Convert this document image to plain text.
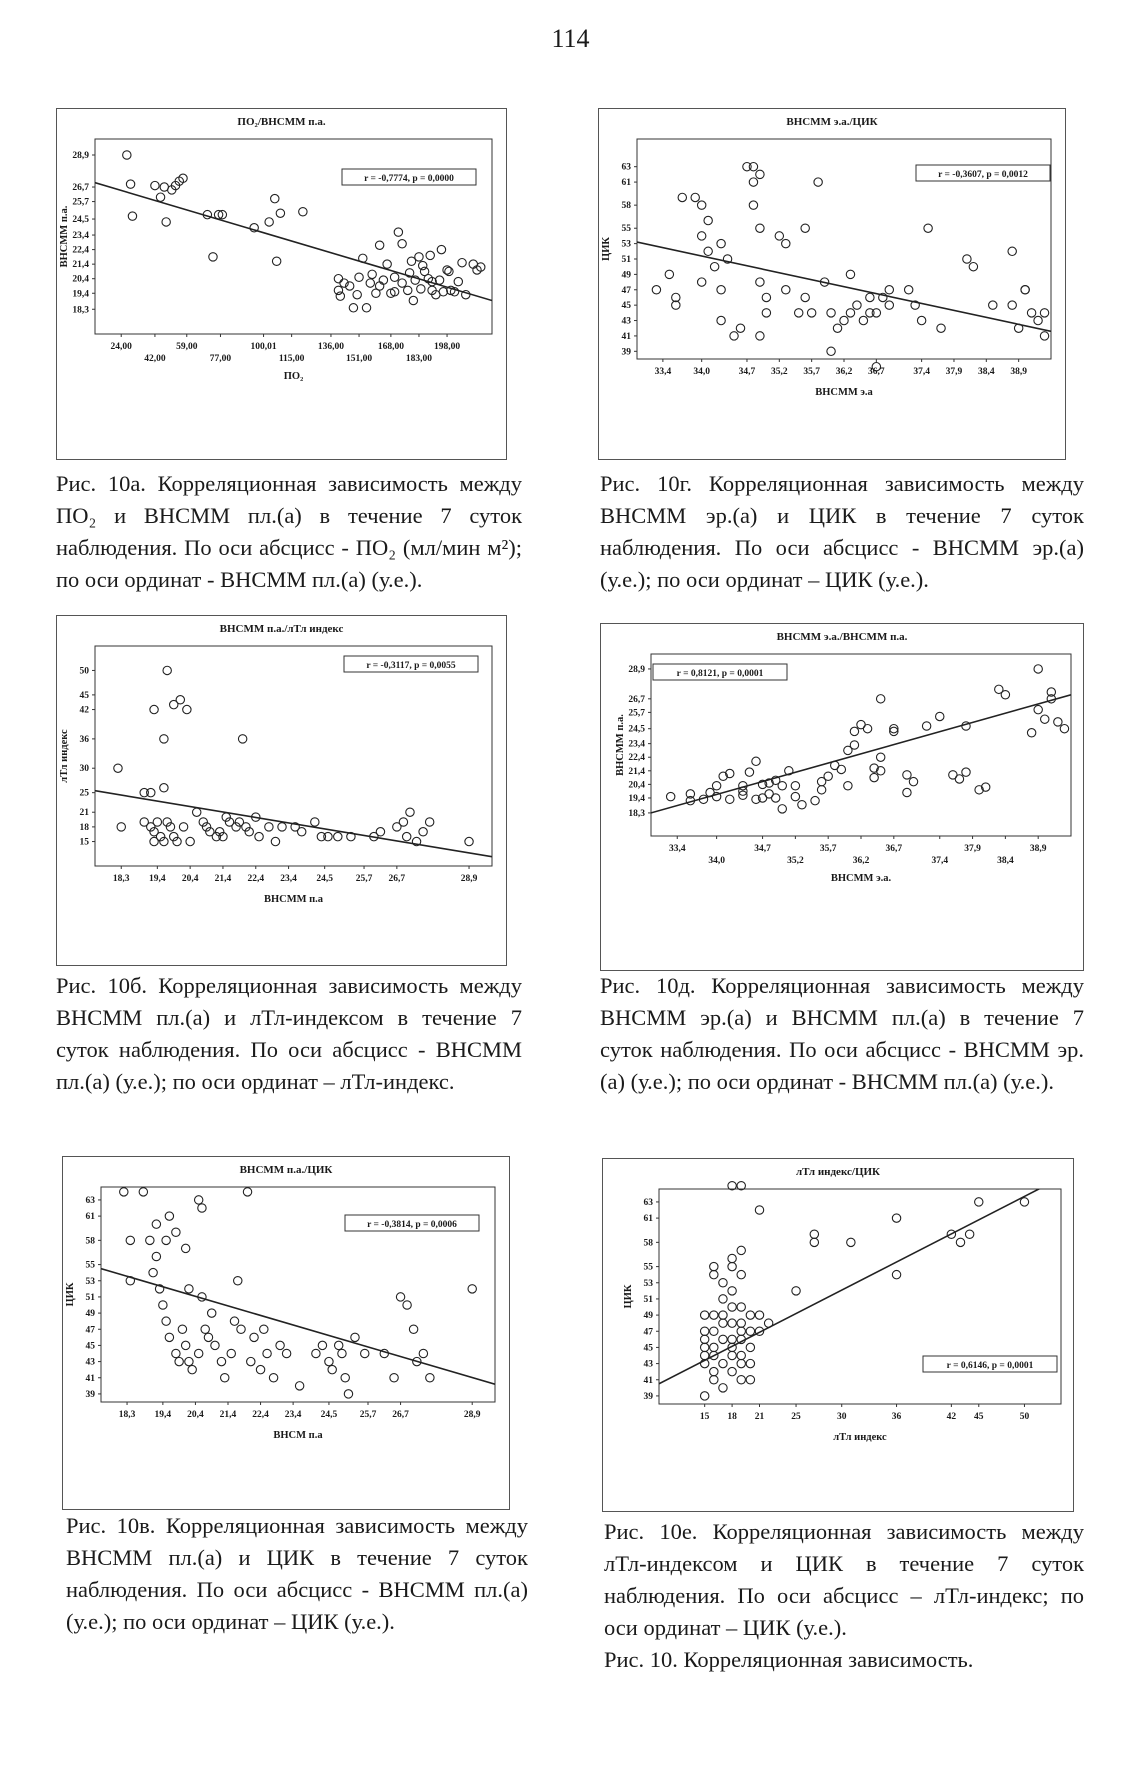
114
ПО₂/ВНСММ п.а.
28,9
26,7
25,7
24,5
23,4
22,4
21,4
20,4
19,4
18,3
ВНСММ п.а.
24,00
42,00
59,00
77,00
100,01
115,00
136,00
151,00
168,00
183,00
198,00
ПО₂
r = -0,7774, p = 0,0000
Рис. 10а. Корреляционная зависимость между ПО₂ и ВНСММ пл.(а) в течение 7 суток наблюдения. По оси абсцисс - ПО₂ (мл/мин м²); по оси ординат - ВНСММ пл.(а) (у.е.).
ВНСММ э.а./ЦИК
63
61
58
55
53
51
49
47
45
43
41
39
ЦИК
33,4 34,0	34,7 35,2 35,7 36,2 36,7	37,4 37,9 38,4 38,9
ВНСММ э.а
r = -0,3607, p = 0,0012
Рис. 10г. Корреляционная зависимость между ВНСММ эр.(а) и ЦИК в течение 7 суток наблюдения. По оси абсцисс - ВНСММ эр.(а) (у.е.); по оси ординат – ЦИК (у.е.).
ВНСММ п.а./лТл индекс
50
45
42
36
30
25
21
18
15
лТл индекс
18,3 19,4 20,4 21,4 22,4 23,4 24,5 25,7 26,7	28,9
ВНСММ п.а
r = -0,3117, p = 0,0055
Рис. 10б. Корреляционная зависимость между ВНСММ пл.(а) и лТл-индексом в течение 7 суток наблюдения. По оси абсцисс - ВНСММ пл.(а) (у.е.); по оси ординат – лТл-индекс.
ВНСММ э.а./ВНСММ п.а.
28,9
26,7
25,7
24,5
23,4
22,4
21,4
20,4
19,4
18,3
ВНСММ п.а.
33,4
34,0
34,7
35,2
35,7
36,2
36,7
37,4
37,9
38,4
38,9
ВНСММ э.а.
r = 0,8121, p = 0,0001
Рис. 10д. Корреляционная зависимость между ВНСММ эр.(а) и ВНСММ пл.(а) в течение 7 суток наблюдения. По оси абсцисс - ВНСММ эр.(а) (у.е.); по оси ординат - ВНСММ пл.(а) (у.е.).
ВНСММ п.а./ЦИК
63
61
58
55
53
51
49
47
45
43
41
39
ЦИК
18,3 19,4 20,4 21,4 22,4 23,4 24,5 25,7 26,7	28,9
ВНСМ п.а
r = -0,3814, p = 0,0006
Рис. 10в. Корреляционная зависимость между ВНСММ пл.(а) и ЦИК в течение 7 суток наблюдения. По оси абсцисс - ВНСММ пл.(а) (у.е.); по оси ординат – ЦИК (у.е.).
лТл индекс/ЦИК
63
61
58
55
53
51
49
47
45
43
41
39
ЦИК
15 18 21	25	30	36	42 45	50
лТл индекс
r = 0,6146, p = 0,0001
Рис. 10е. Корреляционная зависимость между лТл-индексом и ЦИК в течение 7 суток наблюдения. По оси абсцисс – лТл-индекс; по оси ординат – ЦИК (у.е.).
Рис. 10. Корреляционная зависимость.
